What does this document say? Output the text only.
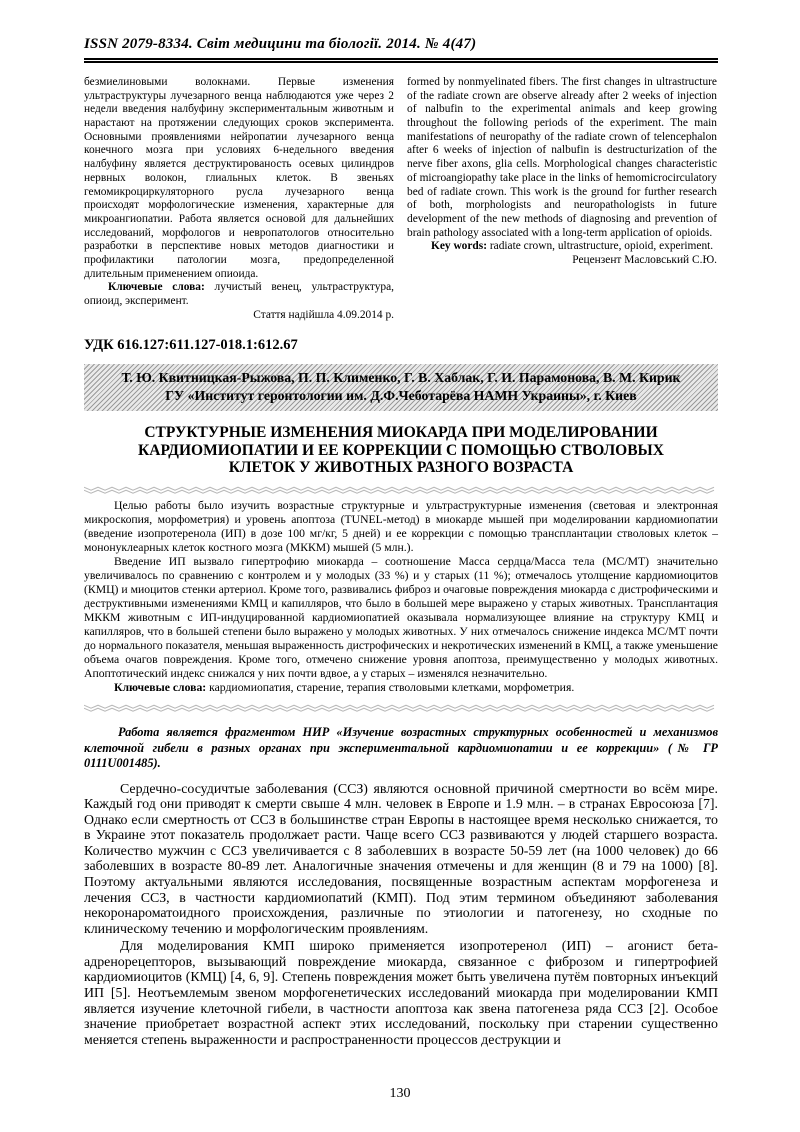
ISSN 2079-8334. Світ медицини та біології. 2014. № 4(47)

безмиелиновыми волокнами. Первые изменения ультраструктуры лучезарного венца наблюдаются уже через 2 недели введения налбуфину экспериментальным животным и нарастают на протяжении следующих сроков эксперимента. Основными проявлениями нейропатии лучезарного венца конечного мозга при условиях 6-недельного введения налбуфину является деструктированость осевых цилиндров нервных волокон, глиальных клеток. В звеньях гемомикроциркуляторного русла лучезарного венца происходят морфологические изменения, характерные для микроангиопатии. Работа является основой для дальнейших исследований, морфологов и невропатологов относительно разработки в перспективе новых методов диагностики и профилактики патологии мозга, предопределенной длительным применением опиоида.

Ключевые слова: лучистый венец, ультраструктура, опиоид, эксперимент.

Стаття надійшла 4.09.2014 р.

formed by nonmyelinated fibers. The first changes in ultrastructure of the radiate crown are observe already after 2 weeks of injection of nalbufin to the experimental animals and keep growing throughout the following periods of the experiment. The main manifestations of neuropathy of the radiate crown of telencephalon after 6 weeks of injection of nalbufin is destructurization of the nerve fiber axons, glia cells. Morphological changes characteristic of microangiopathy take place in the links of hemomicrocirculatory bed of radiate crown. This work is the ground for further research of both, morphologists and neuropathologists in future development of the new methods of diagnosing and prevention of brain pathology associated with a long-term application of opioids.

Key words: radiate crown, ultrastructure, opioid, experiment.

Рецензент Масловський С.Ю.

УДК 616.127:611.127-018.1:612.67
Т. Ю. Квитницкая-Рыжова, П. П. Клименко, Г. В. Хаблак, Г. И. Парамонова, В. М. Кирик
ГУ «Институт геронтологии им. Д.Ф.Чеботарёва НАМН Украины», г. Киев
СТРУКТУРНЫЕ ИЗМЕНЕНИЯ МИОКАРДА ПРИ МОДЕЛИРОВАНИИ КАРДИОМИОПАТИИ И ЕЕ КОРРЕКЦИИ С ПОМОЩЬЮ СТВОЛОВЫХ КЛЕТОК У ЖИВОТНЫХ РАЗНОГО ВОЗРАСТА

Целью работы было изучить возрастные структурные и ультраструктурные изменения (световая и электронная микроскопия, морфометрия) и уровень апоптоза (TUNEL-метод) в миокарде мышей при моделировании кардиомиопатии (введение изопротеренола (ИП) в дозе 100 мг/кг, 5 дней) и ее коррекции с помощью трансплантации стволовых клеток – мононуклеарных клеток костного мозга (МККМ) мышей (5 млн.).

Введение ИП вызвало гипертрофию миокарда – соотношение Масса сердца/Масса тела (МС/МТ) значительно увеличивалось по сравнению с контролем и у молодых (33 %) и у старых (11 %); отмечалось утолщение кардиомиоцитов (КМЦ) и миоцитов стенки артериол. Кроме того, развивались фиброз и очаговые повреждения миокарда с дистрофическими и деструктивными изменениями КМЦ и капилляров, что было в большей мере выражено у старых животных. Трансплантация МККМ животным с ИП-индуцированной кардиомиопатией оказывала нормализующее влияние на структуру КМЦ и капилляров, что в большей степени было выражено у молодых животных. У них отмечалось снижение индекса МС/МТ почти до нормального показателя, меньшая выраженность дистрофических и некротических изменений в КМЦ, а также уменьшение объема очагов повреждения. Кроме того, отмечено снижение уровня апоптоза, преимущественно у молодых животных. Апоптотический индекс снижался у них почти вдвое, а у старых – изменялся незначительно.

Ключевые слова: кардиомиопатия, старение, терапия стволовыми клетками, морфометрия.

Работа является фрагментом НИР «Изучение возрастных структурных особенностей и механизмов клеточной гибели в разных органах при экспериментальной кардиомиопатии и ее коррекции» (№ ГР 0111U001485).

Сердечно-сосудичтые заболевания (ССЗ) являются основной причиной смертности во всём мире. Каждый год они приводят к смерти свыше 4 млн. человек в Европе и 1.9 млн. – в странах Евросоюза [7]. Однако если смертность от ССЗ в большинстве стран Европы в настоящее время несколько снижается, то в Украине этот показатель продолжает расти. Чаще всего ССЗ развиваются у людей старшего возраста. Количество мужчин с ССЗ увеличивается с 8 заболевших в возрасте 50-59 лет (на 1000 человек) до 66 заболевших в возрасте 80-89 лет. Аналогичные значения отмечены и для женщин (8 и 79 на 1000) [8]. Поэтому актуальными являются исследования, посвященные возрастным аспектам морфогенеза и лечения ССЗ, в частности кардиомиопатий (КМП). Под этим термином объединяют заболевания некоронароматоидного происхождения, различные по этиологии и патогенезу, но сходные по клиническому течению и морфологическим проявлениям.

Для моделирования КМП широко применяется изопротеренол (ИП) – агонист бета-адренорецепторов, вызывающий повреждение миокарда, связанное с фиброзом и гипертрофией кардиомиоцитов (КМЦ) [4, 6, 9]. Степень повреждения может быть увеличена путём повторных инъекций ИП [5]. Неотъемлемым звеном морфогенетических исследований миокарда при моделировании КМП является изучение клеточной гибели, в частности апоптоза как звена патогенеза ряда ССЗ [2]. Особое значение приобретает возрастной аспект этих исследований, поскольку при старении существенно меняется степень выраженности и распространенности процессов деструкции и

130
